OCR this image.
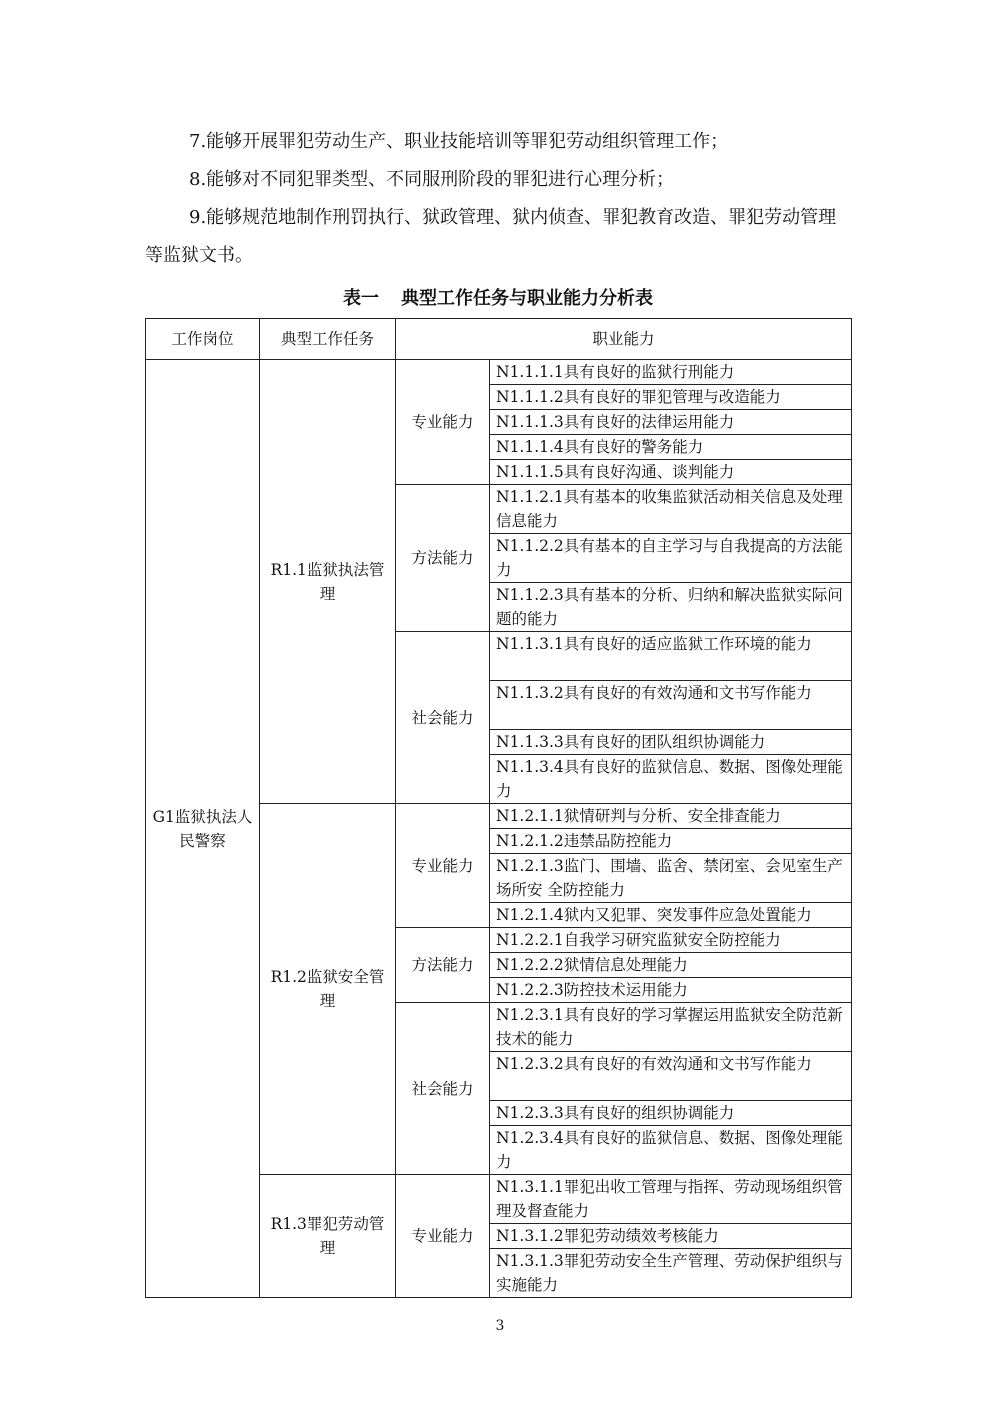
7.能够开展罪犯劳动生产、职业技能培训等罪犯劳动组织管理工作；

8.能够对不同犯罪类型、不同服刑阶段的罪犯进行心理分析；

9.能够规范地制作刑罚执行、狱政管理、狱内侦查、罪犯教育改造、罪犯劳动管理等监狱文书。

表一 典型工作任务与职业能力分析表

工作岗位	典型工作任务	职业能力	
G1监狱执法人民警察	R1.1监狱执法管理	专业能力	N1.1.1.1具有良好的监狱行刑能力
			N1.1.1.2具有良好的罪犯管理与改造能力
			N1.1.1.3具有良好的法律运用能力
			N1.1.1.4具有良好的警务能力
			N1.1.1.5具有良好沟通、谈判能力
		方法能力	N1.1.2.1具有基本的收集监狱活动相关信息及处理信息能力
			N1.1.2.2具有基本的自主学习与自我提高的方法能力
			N1.1.2.3具有基本的分析、归纳和解决监狱实际问题的能力
		社会能力	N1.1.3.1具有良好的适应监狱工作环境的能力
			N1.1.3.2具有良好的有效沟通和文书写作能力
			N1.1.3.3具有良好的团队组织协调能力
			N1.1.3.4具有良好的监狱信息、数据、图像处理能力
	R1.2监狱安全管理	专业能力	N1.2.1.1狱情研判与分析、安全排查能力
			N1.2.1.2违禁品防控能力
			N1.2.1.3监门、围墙、监舍、禁闭室、会见室生产场所安 全防控能力
			N1.2.1.4狱内又犯罪、突发事件应急处置能力
		方法能力	N1.2.2.1自我学习研究监狱安全防控能力
			N1.2.2.2狱情信息处理能力
			N1.2.2.3防控技术运用能力
		社会能力	N1.2.3.1具有良好的学习掌握运用监狱安全防范新技术的能力
			N1.2.3.2具有良好的有效沟通和文书写作能力
			N1.2.3.3具有良好的组织协调能力
			N1.2.3.4具有良好的监狱信息、数据、图像处理能力
	R1.3罪犯劳动管理	专业能力	N1.3.1.1罪犯出收工管理与指挥、劳动现场组织管理及督查能力
			N1.3.1.2罪犯劳动绩效考核能力
			N1.3.1.3罪犯劳动安全生产管理、劳动保护组织与实施能力

3
